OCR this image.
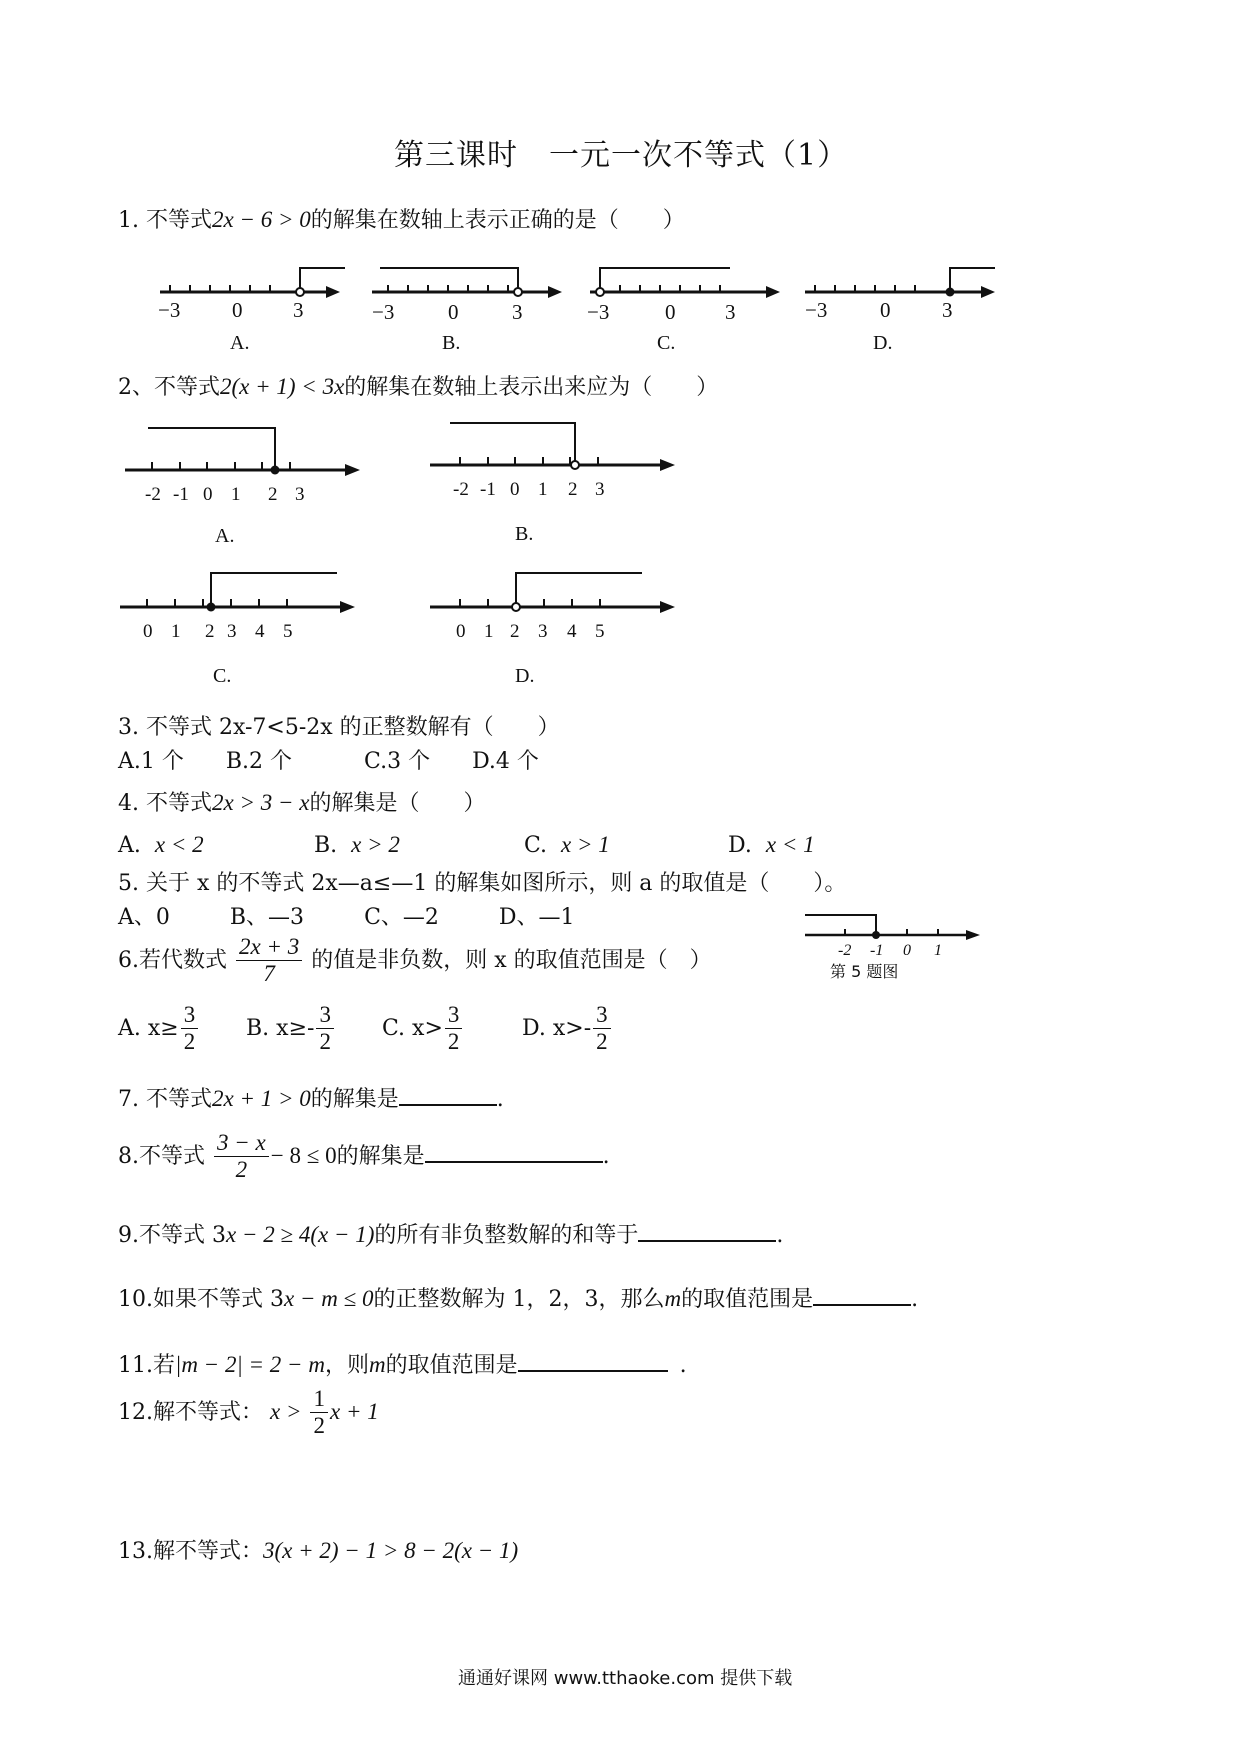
第三课时　一元一次不等式（1）
1. 不等式2x − 6 > 0的解集在数轴上表示正确的是（　　）
−3 0 3
A.
−3	0	3
B.
−3	0 3
C.
−3	0 3
D.
2、不等式2(x + 1) < 3x的解集在数轴上表示出来应为（　　）
-2 -1 0 1 2 3
A.
-2 -1 0 1 2 3
B.
0 1 2 3 4 5
C.
0 1 2 3 4 5
D.
3. 不等式 2x-7<5-2x 的正整数解有（　　）
A.1 个 B.2 个	C.3 个 D.4 个
4. 不等式2x > 3 − x的解集是（　　）
A. x < 2	B. x > 2	C. x > 1	D. x < 1
5. 关于 x 的不等式 2x—a≤—1 的解集如图所示，则 a 的取值是（　　）。
A、0	B、—3	C、—2	D、—1
-2 -1 0 1
第 5 题图
6.若代数式 $\frac{2x + 3}{7}$ 的值是非负数，则 x 的取值范围是（　）
A. $x\ge \frac{3}{2} B$. $x\ge- \frac{3}{2} C$. $x> \frac{3}{2}$	D. $x>- \frac{3}{2}$
7. 不等式2x + 1 > 0的解集是	.
8.不等式 $\frac{3 - x}{2} - 8 \le 0$的解集是	.
9.不等式 3x − 2 ≥ 4(x − 1)的所有非负整数解的和等于	.
10.如果不等式 3x − m ≤ 0的正整数解为 1，2，3，那么m的取值范围是	.
11.若|m − 2| = 2 − m，则m的取值范围是	.
12.解不等式： $x > \frac{1}{2}$ x + 1
13.解不等式：3(x + 2) − 1 > 8 − 2(x − 1)
通通好课网 www.tthaoke.com 提供下载
